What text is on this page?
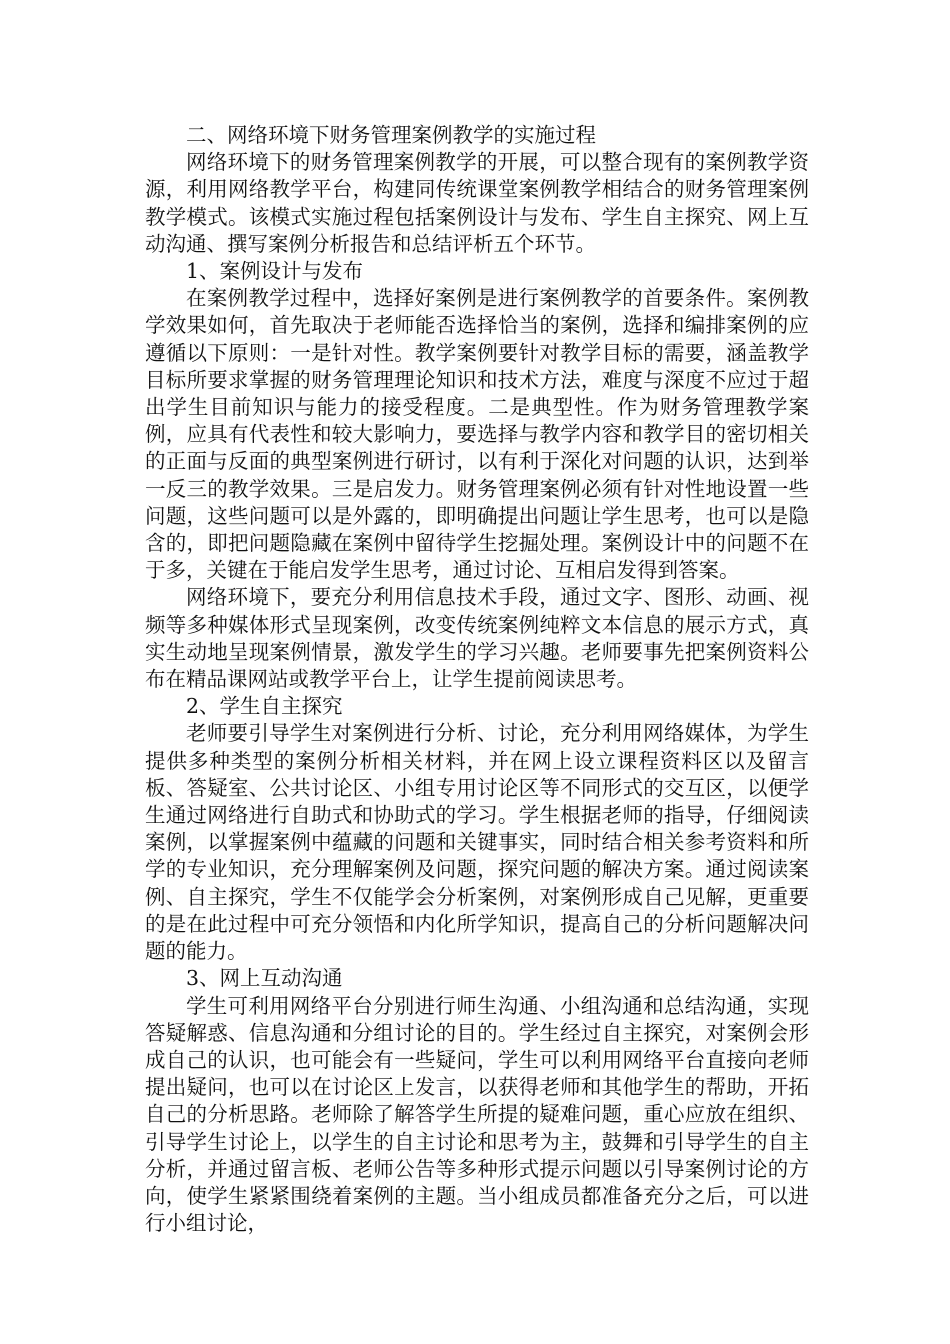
二、网络环境下财务管理案例教学的实施过程

网络环境下的财务管理案例教学的开展，可以整合现有的案例教学资源，利用网络教学平台，构建同传统课堂案例教学相结合的财务管理案例教学模式。该模式实施过程包括案例设计与发布、学生自主探究、网上互动沟通、撰写案例分析报告和总结评析五个环节。

1、案例设计与发布

在案例教学过程中，选择好案例是进行案例教学的首要条件。案例教学效果如何，首先取决于老师能否选择恰当的案例，选择和编排案例的应遵循以下原则：一是针对性。教学案例要针对教学目标的需要，涵盖教学目标所要求掌握的财务管理理论知识和技术方法，难度与深度不应过于超出学生目前知识与能力的接受程度。二是典型性。作为财务管理教学案例，应具有代表性和较大影响力，要选择与教学内容和教学目的密切相关的正面与反面的典型案例进行研讨，以有利于深化对问题的认识，达到举一反三的教学效果。三是启发力。财务管理案例必须有针对性地设置一些问题，这些问题可以是外露的，即明确提出问题让学生思考，也可以是隐含的，即把问题隐藏在案例中留待学生挖掘处理。案例设计中的问题不在于多，关键在于能启发学生思考，通过讨论、互相启发得到答案。

网络环境下，要充分利用信息技术手段，通过文字、图形、动画、视频等多种媒体形式呈现案例，改变传统案例纯粹文本信息的展示方式，真实生动地呈现案例情景，激发学生的学习兴趣。老师要事先把案例资料公布在精品课网站或教学平台上，让学生提前阅读思考。

2、学生自主探究

老师要引导学生对案例进行分析、讨论，充分利用网络媒体，为学生提供多种类型的案例分析相关材料，并在网上设立课程资料区以及留言板、答疑室、公共讨论区、小组专用讨论区等不同形式的交互区，以便学生通过网络进行自助式和协助式的学习。学生根据老师的指导，仔细阅读案例，以掌握案例中蕴藏的问题和关键事实，同时结合相关参考资料和所学的专业知识，充分理解案例及问题，探究问题的解决方案。通过阅读案例、自主探究，学生不仅能学会分析案例，对案例形成自己见解，更重要的是在此过程中可充分领悟和内化所学知识，提高自己的分析问题解决问题的能力。

3、网上互动沟通

学生可利用网络平台分别进行师生沟通、小组沟通和总结沟通，实现答疑解惑、信息沟通和分组讨论的目的。学生经过自主探究，对案例会形成自己的认识，也可能会有一些疑问，学生可以利用网络平台直接向老师提出疑问，也可以在讨论区上发言，以获得老师和其他学生的帮助，开拓自己的分析思路。老师除了解答学生所提的疑难问题，重心应放在组织、引导学生讨论上，以学生的自主讨论和思考为主，鼓舞和引导学生的自主分析，并通过留言板、老师公告等多种形式提示问题以引导案例讨论的方向，使学生紧紧围绕着案例的主题。当小组成员都准备充分之后，可以进行小组讨论，
